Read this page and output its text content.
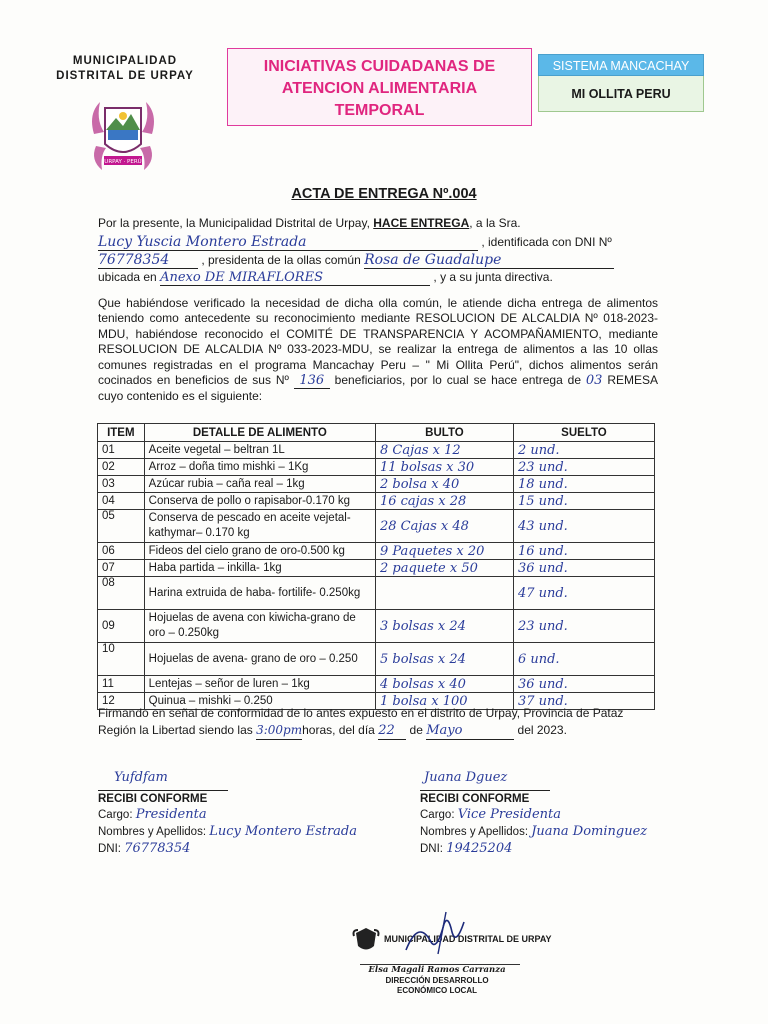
MUNICIPALIDAD
DISTRITAL DE URPAY
URPAY · PERÚ
INICIATIVAS CUIDADANAS DE
ATENCION ALIMENTARIA
TEMPORAL
SISTEMA MANCACHAY
MI OLLITA PERU
ACTA DE ENTREGA Nº.004
Por la presente, la Municipalidad Distrital de Urpay, HACE ENTREGA, a la Sra.
Lucy Yuscia Montero Estrada	, identificada con DNI Nº
76778354	, presidenta de la ollas común Rosa de Guadalupe
ubicada en Anexo DE MIRAFLORES	, y a su junta directiva.
Que habiéndose verificado la necesidad de dicha olla común, le atiende dicha entrega de alimentos teniendo como antecedente su reconocimiento mediante RESOLUCION DE ALCALDIA Nº 018-2023-MDU, habiéndose reconocido el COMITÉ DE TRANSPARENCIA Y ACOMPAÑAMIENTO, mediante RESOLUCION DE ALCALDIA Nº 033-2023-MDU, se realizar la entrega de alimentos a las 10 ollas comunes registradas en el programa Mancachay Peru – " Mi Ollita Perú", dichos alimentos serán cocinados en beneficios de sus Nº 136 beneficiarios, por lo cual se hace entrega de 03 REMESA cuyo contenido es el siguiente:
ITEM	DETALLE DE ALIMENTO	BULTO	SUELTO
01	Aceite vegetal – beltran 1L	8 Cajas x 12	2 und.
02	Arroz – doña timo mishki – 1Kg	11 bolsas x 30	23 und.
03	Azúcar rubia – caña real – 1kg	2 bolsa x 40	18 und.
04	Conserva de pollo o rapisabor-0.170 kg	16 cajas x 28	15 und.
05	Conserva de pescado en aceite vejetal-kathymar– 0.170 kg	28 Cajas x 48	43 und.
06	Fideos del cielo grano de oro-0.500 kg	9 Paquetes x 20	16 und.
07	Haba partida – inkilla- 1kg	2 paquete x 50	36 und.
08	Harina extruida de haba- fortilife- 0.250kg		47 und.
09	Hojuelas de avena con kiwicha-grano de oro – 0.250kg	3 bolsas x 24	23 und.
10	Hojuelas de avena- grano de oro – 0.250	5 bolsas x 24	6 und.
11	Lentejas – señor de luren – 1kg	4 bolsas x 40	36 und.
12	Quinua – mishki – 0.250	1 bolsa x 100	37 und.
Firmando en señal de conformidad de lo antes expuesto en el distrito de Urpay, Provincia de Pataz
Región la Libertad siendo las 3:00pmhoras, del día 22 de Mayo	del 2023.
Yufdfam
RECIBI CONFORME
Cargo: Presidenta
Nombres y Apellidos: Lucy Montero Estrada
DNI: 76778354
Juana Dguez
RECIBI CONFORME
Cargo: Vice Presidenta
Nombres y Apellidos: Juana Dominguez
DNI: 19425204
MUNICIPALIDAD DISTRITAL DE URPAY
Elsa Magali Ramos Carranza
DIRECCIÓN DESARROLLO
ECONÓMICO LOCAL
